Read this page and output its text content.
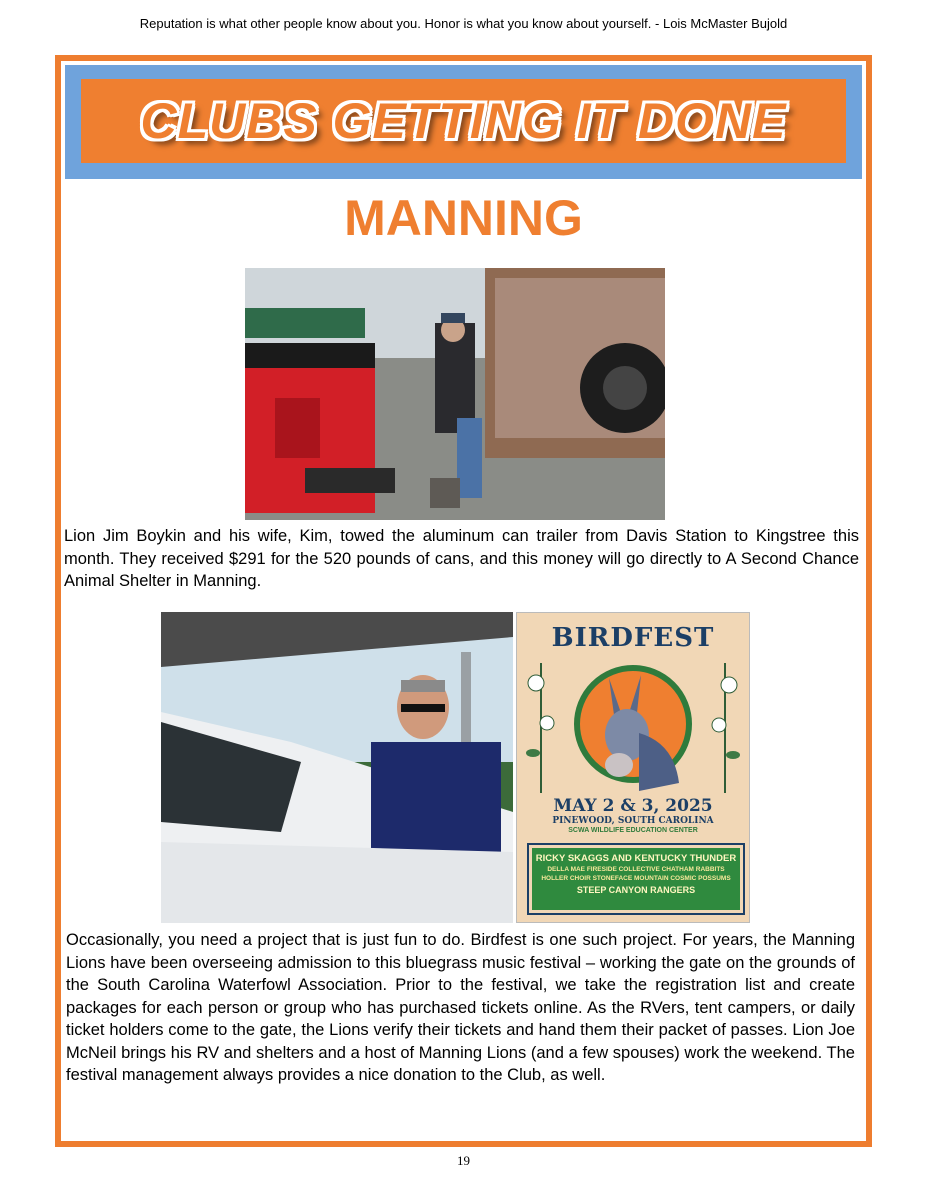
Reputation is what other people know about you. Honor is what you know about yourself. - Lois McMaster Bujold
CLUBS GETTING IT DONE
MANNING
Lion Jim Boykin and his wife, Kim, towed the aluminum can trailer from Davis Station to Kingstree this month. They received $291 for the 520 pounds of cans, and this money will go directly to A Second Chance Animal Shelter in Manning.
BIRDFEST
MAY 2 & 3, 2025
PINEWOOD, SOUTH CAROLINA
SCWA WILDLIFE EDUCATION CENTER
RICKY SKAGGS AND KENTUCKY THUNDER
DELLA MAE FIRESIDE COLLECTIVE CHATHAM RABBITS
HOLLER CHOIR STONEFACE MOUNTAIN COSMIC POSSUMS
STEEP CANYON RANGERS
Occasionally, you need a project that is just fun to do. Birdfest is one such project. For years, the Manning Lions have been overseeing admission to this bluegrass music festival – working the gate on the grounds of the South Carolina Waterfowl Association. Prior to the festival, we take the registration list and create packages for each person or group who has purchased tickets online. As the RVers, tent campers, or daily ticket holders come to the gate, the Lions verify their tickets and hand them their packet of passes. Lion Joe McNeil brings his RV and shelters and a host of Manning Lions (and a few spouses) work the weekend. The festival management always provides a nice donation to the Club, as well.
19
